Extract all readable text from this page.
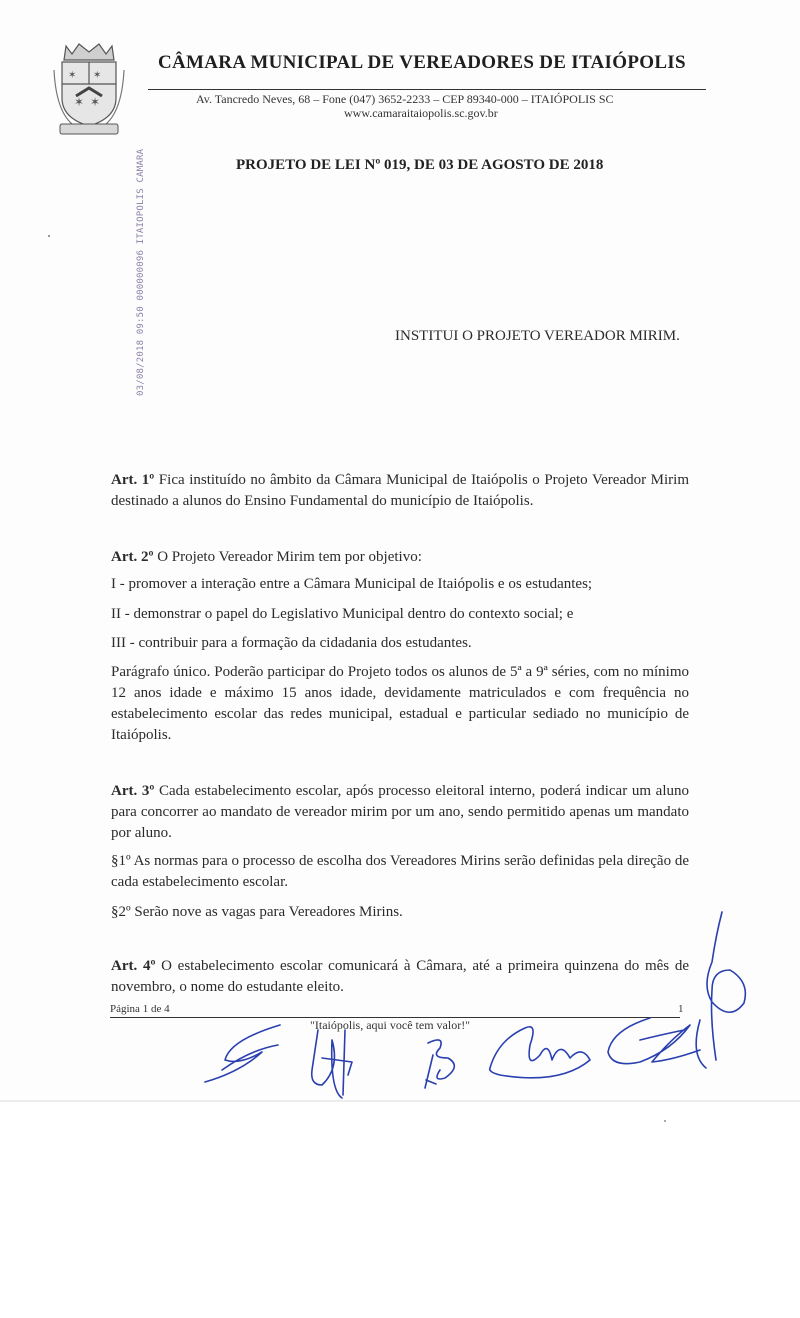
✶ ✶
✶ ✶
CÂMARA MUNICIPAL DE VEREADORES DE ITAIÓPOLIS
Av. Tancredo Neves, 68 – Fone (047) 3652-2233 – CEP 89340-000 – ITAIÓPOLIS SC
www.camaraitaiopolis.sc.gov.br
PROJETO DE LEI Nº 019, DE 03 DE AGOSTO DE 2018
03/08/2018 09:50 000000096 ITAIOPOLIS CAMARA	INSTITUI O PROJETO VEREADOR MIRIM.
Art. 1º Fica instituído no âmbito da Câmara Municipal de Itaiópolis o Projeto Vereador Mirim destinado a alunos do Ensino Fundamental do município de Itaiópolis.
Art. 2º O Projeto Vereador Mirim tem por objetivo:
I - promover a interação entre a Câmara Municipal de Itaiópolis e os estudantes;
II - demonstrar o papel do Legislativo Municipal dentro do contexto social; e
III - contribuir para a formação da cidadania dos estudantes.
Parágrafo único. Poderão participar do Projeto todos os alunos de 5ª a 9ª séries, com no mínimo 12 anos idade e máximo 15 anos idade, devidamente matriculados e com frequência no estabelecimento escolar das redes municipal, estadual e particular sediado no município de Itaiópolis.
Art. 3º Cada estabelecimento escolar, após processo eleitoral interno, poderá indicar um aluno para concorrer ao mandato de vereador mirim por um ano, sendo permitido apenas um mandato por aluno.
§1º As normas para o processo de escolha dos Vereadores Mirins serão definidas pela direção de cada estabelecimento escolar.
§2º Serão nove as vagas para Vereadores Mirins.
Art. 4º O estabelecimento escolar comunicará à Câmara, até a primeira quinzena do mês de novembro, o nome do estudante eleito.
Página 1 de 4	1
"Itaiópolis, aqui você tem valor!"
